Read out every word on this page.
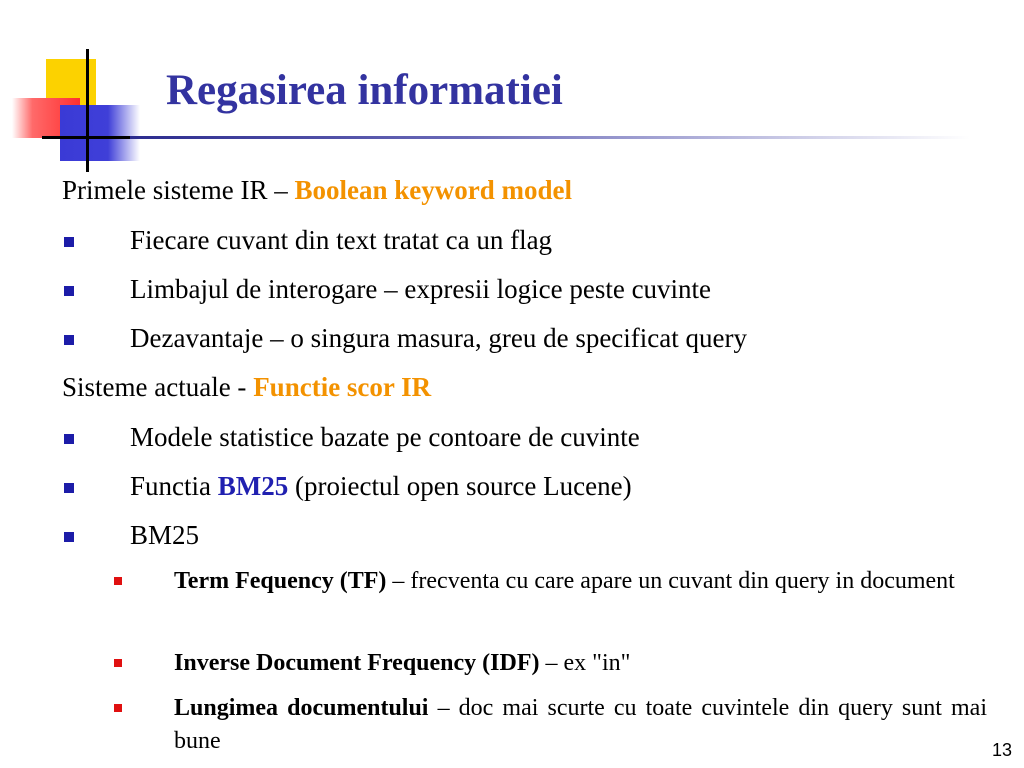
Regasirea informatiei
Primele sisteme IR – Boolean keyword model
Fiecare cuvant din text tratat ca un flag
Limbajul de interogare – expresii logice peste cuvinte
Dezavantaje – o singura masura, greu de specificat query
Sisteme actuale - Functie scor IR
Modele statistice bazate pe contoare de cuvinte
Functia BM25 (proiectul open source Lucene)
BM25
Term Fequency (TF) – frecventa cu care apare un cuvant din query in document
Inverse Document Frequency (IDF) – ex "in"
Lungimea documentului – doc mai scurte cu toate cuvintele din query sunt mai bune	13
